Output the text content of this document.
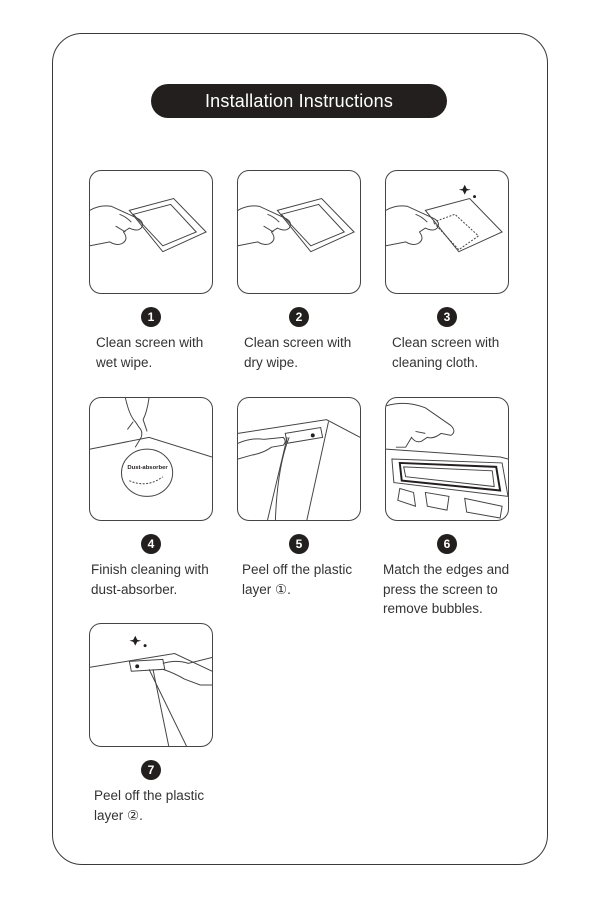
Installation Instructions
1
Clean screen with
wet wipe.
2
Clean screen with
dry wipe.
3
Clean screen with
cleaning cloth.
Dust-absorber
4
Finish cleaning with
dust-absorber.
5
Peel off the plastic
layer ①.
6
Match the edges and
press the screen to
remove bubbles.
7
Peel off the plastic
layer ②.
